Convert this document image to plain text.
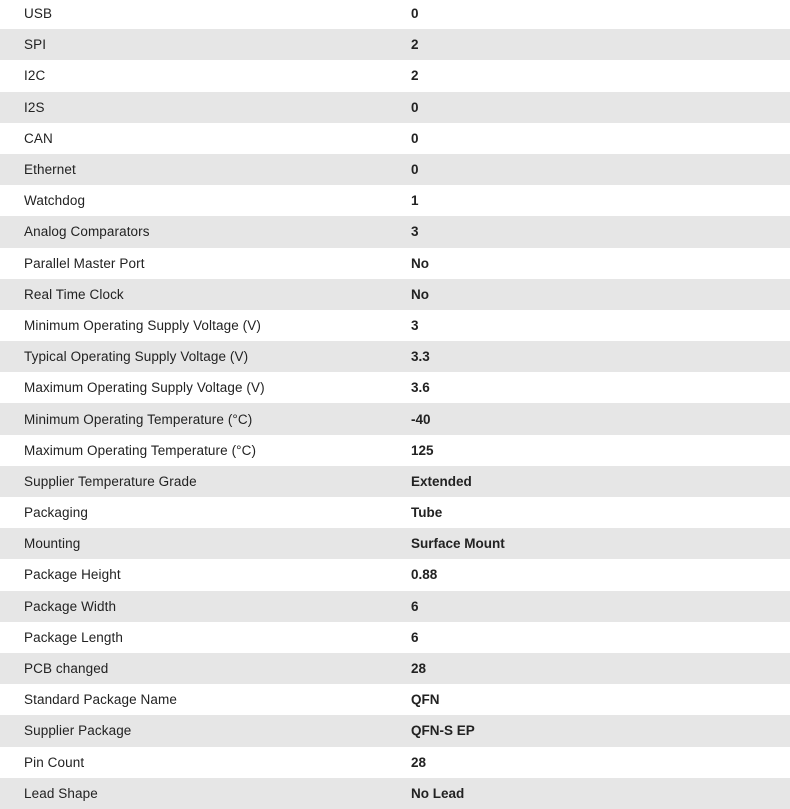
USB	0
SPI	2
I2C	2
I2S	0
CAN	0
Ethernet	0
Watchdog	1
Analog Comparators	3
Parallel Master Port	No
Real Time Clock	No
Minimum Operating Supply Voltage (V)	3
Typical Operating Supply Voltage (V)	3.3
Maximum Operating Supply Voltage (V)	3.6
Minimum Operating Temperature (°C)	-40
Maximum Operating Temperature (°C)	125
Supplier Temperature Grade	Extended
Packaging	Tube
Mounting	Surface Mount
Package Height	0.88
Package Width	6
Package Length	6
PCB changed	28
Standard Package Name	QFN
Supplier Package	QFN-S EP
Pin Count	28
Lead Shape	No Lead
